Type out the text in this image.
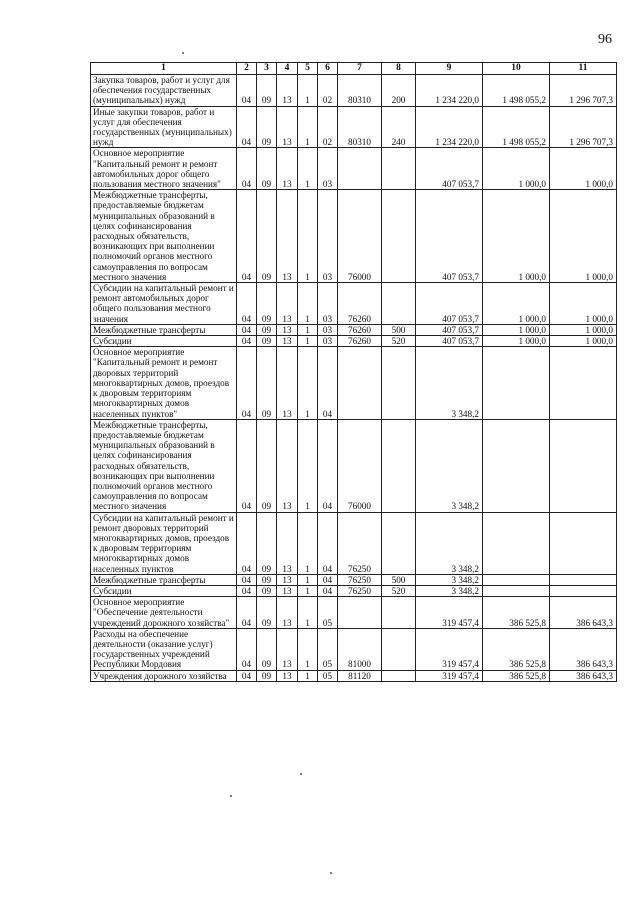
96
1	2	3	4	5	6	7	8	9	10	11
Закупка товаров, работ и услуг для обеспечения государственных (муниципальных) нужд	04	09	13	1	02	80310	200	1 234 220,0	1 498 055,2	1 296 707,3
Иные закупки товаров, работ и услуг для обеспечения государственных (муниципальных) нужд	04	09	13	1	02	80310	240	1 234 220,0	1 498 055,2	1 296 707,3
Основное мероприятие "Капитальный ремонт и ремонт автомобильных дорог общего пользования местного значения"	04	09	13	1	03			407 053,7	1 000,0	1 000,0
Межбюджетные трансферты, предоставляемые бюджетам муниципальных образований в целях софинансирования расходных обязательств, возникающих при выполнении полномочий органов местного самоуправления по вопросам местного значения	04	09	13	1	03	76000		407 053,7	1 000,0	1 000,0
Субсидии на капитальный ремонт и ремонт автомобильных дорог общего пользования местного значения	04	09	13	1	03	76260		407 053,7	1 000,0	1 000,0
Межбюджетные трансферты	04	09	13	1	03	76260	500	407 053,7	1 000,0	1 000,0
Субсидии	04	09	13	1	03	76260	520	407 053,7	1 000,0	1 000,0
Основное мероприятие "Капитальный ремонт и ремонт дворовых территорий многоквартирных домов, проездов к дворовым территориям многоквартирных домов населенных пунктов"	04	09	13	1	04			3 348,2		
Межбюджетные трансферты, предоставляемые бюджетам муниципальных образований в целях софинансирования расходных обязательств, возникающих при выполнении полномочий органов местного самоуправления по вопросам местного значения	04	09	13	1	04	76000		3 348,2		
Субсидии на капитальный ремонт и ремонт дворовых территорий многоквартирных домов, проездов к дворовым территориям многоквартирных домов населенных пунктов	04	09	13	1	04	76250		3 348,2		
Межбюджетные трансферты	04	09	13	1	04	76250	500	3 348,2		
Субсидии	04	09	13	1	04	76250	520	3 348,2		
Основное мероприятие "Обеспечение деятельности учреждений дорожного хозяйства"	04	09	13	1	05			319 457,4	386 525,8	386 643,3
Расходы на обеспечение деятельности (оказание услуг) государственных учреждений Республики Мордовия	04	09	13	1	05	81000		319 457,4	386 525,8	386 643,3
Учреждения дорожного хозяйства	04	09	13	1	05	81120		319 457,4	386 525,8	386 643,3
